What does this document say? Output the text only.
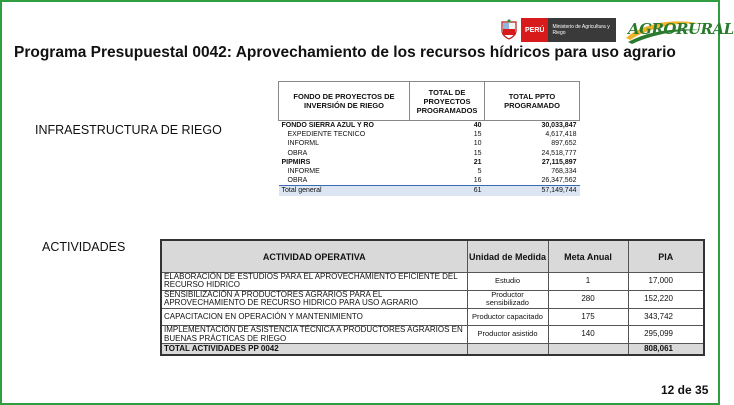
PERÚ	Ministerio de Agricultura y Riego	AGRORURAL
Programa Presupuestal 0042: Aprovechamiento de los recursos hídricos para uso agrario
INFRAESTRUCTURA DE RIEGO
ACTIVIDADES
FONDO DE PROYECTOS DE INVERSIÓN DE RIEGO	TOTAL DE PROYECTOS PROGRAMADOS	TOTAL PPTO PROGRAMADO
FONDO SIERRA AZUL Y RO	40	30,033,847
EXPEDIENTE TECNICO	15	4,617,418
INFORML	10	897,652
OBRA	15	24,518,777
PIPMIRS	21	27,115,897
INFORME	5	768,334
OBRA	16	26,347,562
Total general	61	57,149,744
ACTIVIDAD OPERATIVA	Unidad de Medida	Meta Anual	PIA
ELABORACIÓN DE ESTUDIOS PARA EL APROVECHAMIENTO EFICIENTE DEL RECURSO HIDRICO	Estudio	1	17,000
SENSIBILIZACIÓN A PRODUCTORES AGRARIOS PARA EL APROVECHAMIENTO DE RECURSO HIDRICO PARA USO AGRARIO	Productor sensibilizado	280	152,220
CAPACITACION EN OPERACIÓN Y MANTENIMIENTO	Productor capacitado	175	343,742
IMPLEMENTACIÓN DE ASISTENCIA TÉCNICA A PRODUCTORES AGRARIOS EN BUENAS PRÁCTICAS DE RIEGO	Productor asistido	140	295,099
TOTAL ACTIVIDADES PP 0042			808,061
12 de 35
